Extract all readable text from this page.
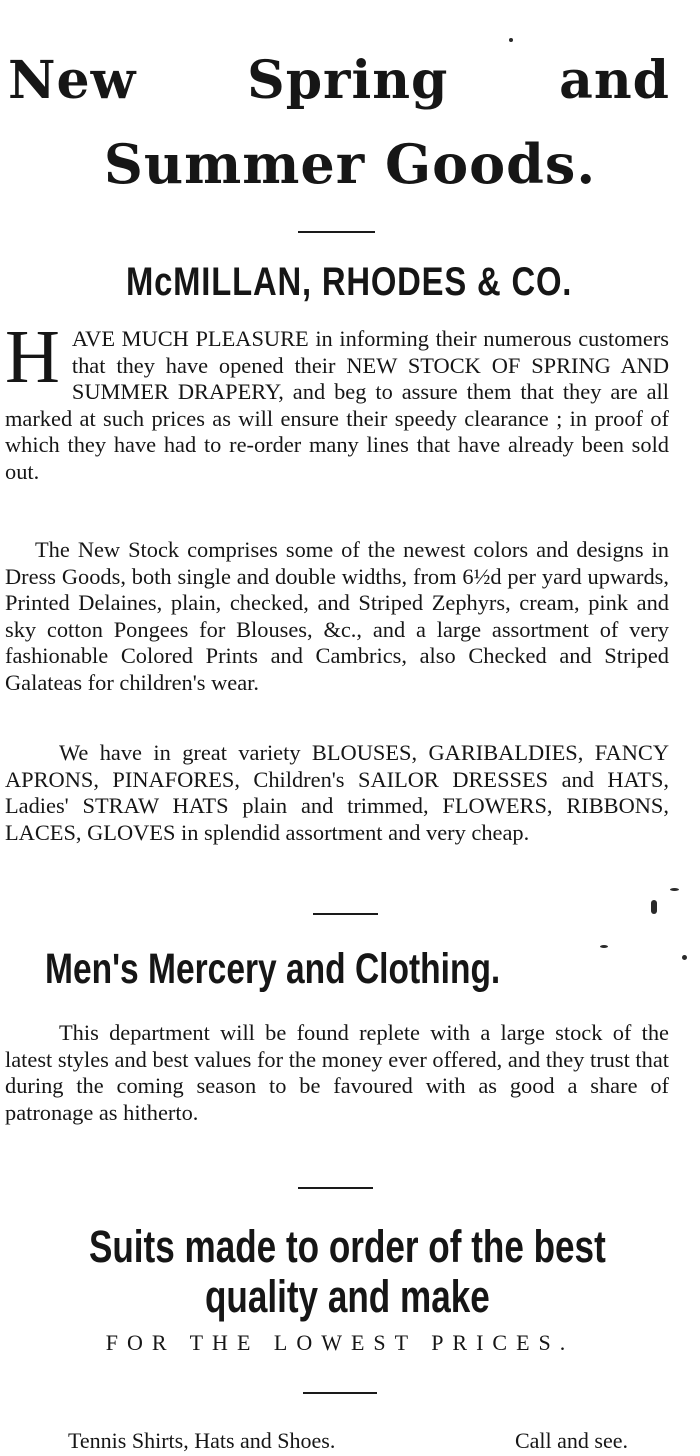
New Spring and
Summer Goods.
McMILLAN, RHODES & CO.

HAVE MUCH PLEASURE in informing their numerous customers that they have opened their NEW STOCK OF SPRING AND SUMMER DRAPERY, and beg to assure them that they are all marked at such prices as will ensure their speedy clearance ; in proof of which they have had to re-order many lines that have already been sold out.

The New Stock comprises some of the newest colors and designs in Dress Goods, both single and double widths, from 6½d per yard upwards, Printed Delaines, plain, checked, and Striped Zephyrs, cream, pink and sky cotton Pongees for Blouses, &c., and a large assortment of very fashionable Colored Prints and Cambrics, also Checked and Striped Galateas for children's wear.

We have in great variety BLOUSES, GARIBALDIES, FANCY APRONS, PINAFORES, Children's SAILOR DRESSES and HATS, Ladies' STRAW HATS plain and trimmed, FLOWERS, RIBBONS, LACES, GLOVES in splendid assortment and very cheap.

Men's Mercery and Clothing.

This department will be found replete with a large stock of the latest styles and best values for the money ever offered, and they trust that during the coming season to be favoured with as good a share of patronage as hitherto.

Suits made to order of the best
quality and make
FOR THE LOWEST PRICES.
Tennis Shirts, Hats and Shoes.	Call and see.
